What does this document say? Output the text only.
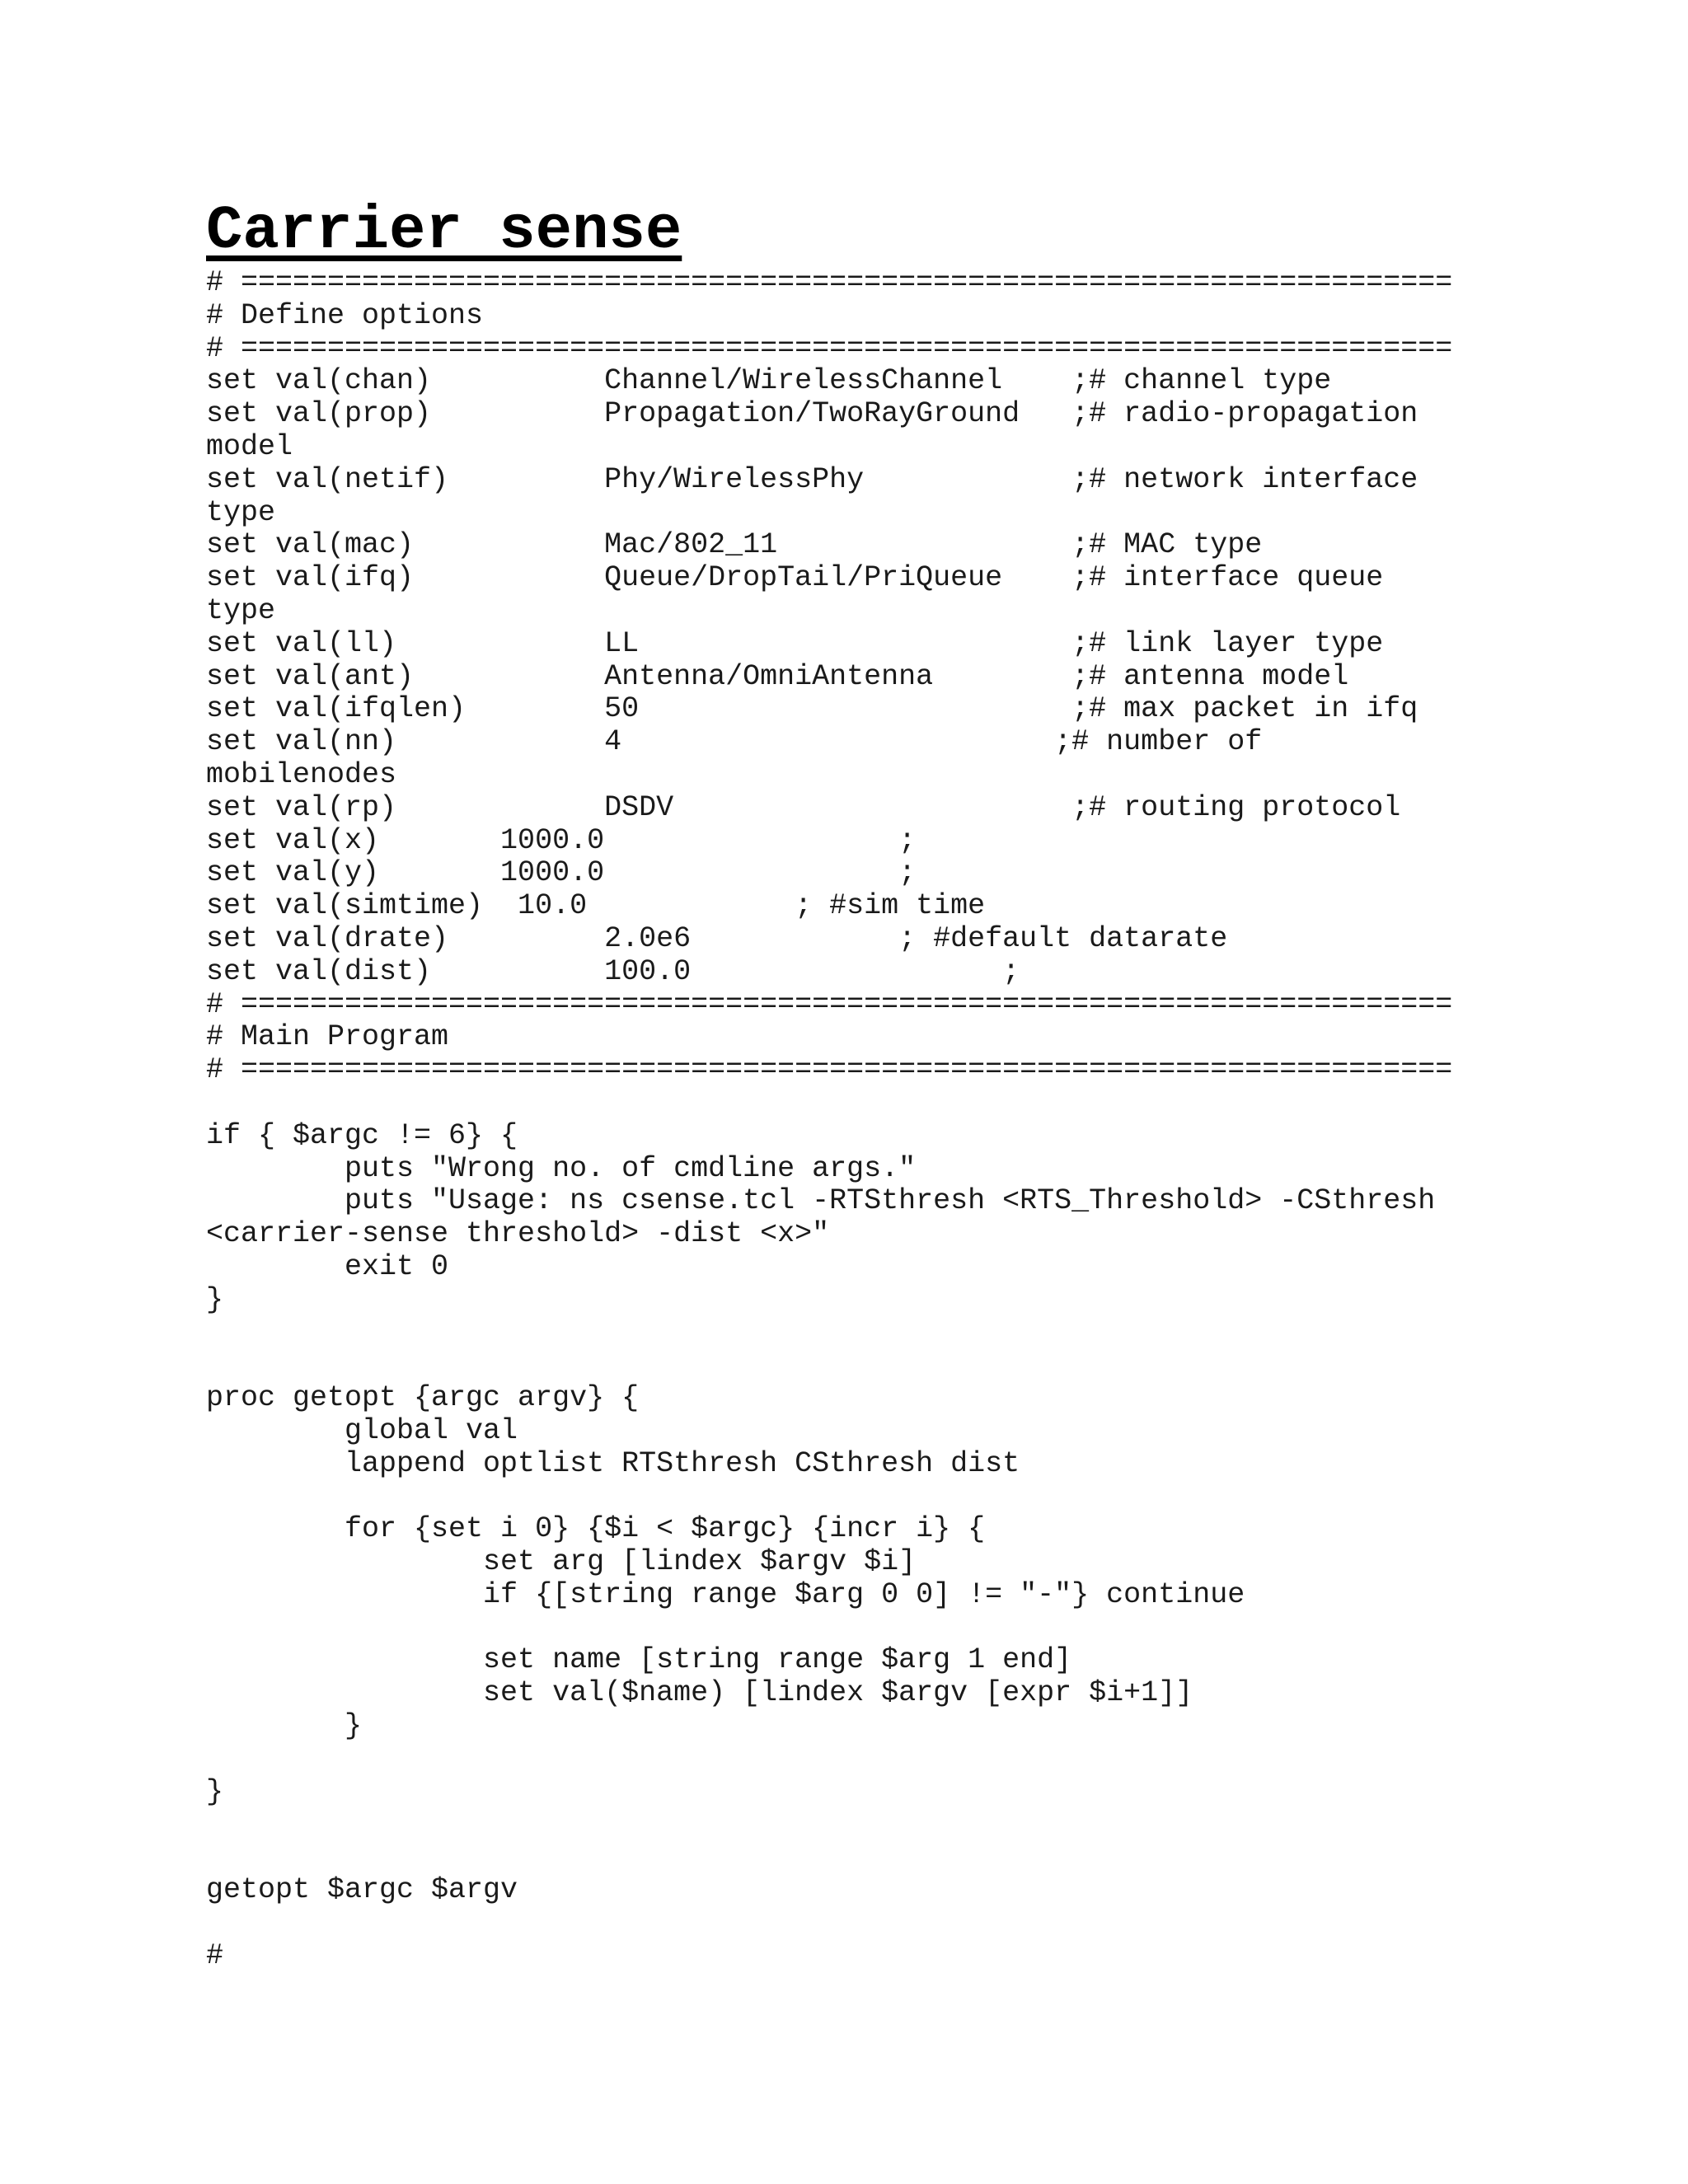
Carrier sense
# ======================================================================
# Define options
# ======================================================================
set val(chan)          Channel/WirelessChannel    ;# channel type
set val(prop)          Propagation/TwoRayGround   ;# radio-propagation
model
set val(netif)         Phy/WirelessPhy            ;# network interface
type
set val(mac)           Mac/802_11                 ;# MAC type
set val(ifq)           Queue/DropTail/PriQueue    ;# interface queue
type
set val(ll)            LL                         ;# link layer type
set val(ant)           Antenna/OmniAntenna        ;# antenna model
set val(ifqlen)        50                         ;# max packet in ifq
set val(nn)            4                         ;# number of
mobilenodes
set val(rp)            DSDV                       ;# routing protocol
set val(x)       1000.0                 ;
set val(y)       1000.0                 ;
set val(simtime)  10.0            ; #sim time
set val(drate)         2.0e6            ; #default datarate
set val(dist)          100.0                  ;
# ======================================================================
# Main Program
# ======================================================================
if { $argc != 6} {
puts "Wrong no. of cmdline args."
puts "Usage: ns csense.tcl -RTSthresh <RTS_Threshold> -CSthresh
<carrier-sense threshold> -dist <x>"
exit 0
}
proc getopt {argc argv} {
global val
lappend optlist RTSthresh CSthresh dist
for {set i 0} {$i < $argc} {incr i} {
set arg [lindex $argv $i]
if {[string range $arg 0 0] != "-"} continue
set name [string range $arg 1 end]
set val($name) [lindex $argv [expr $i+1]]
}
}
getopt $argc $argv
#
